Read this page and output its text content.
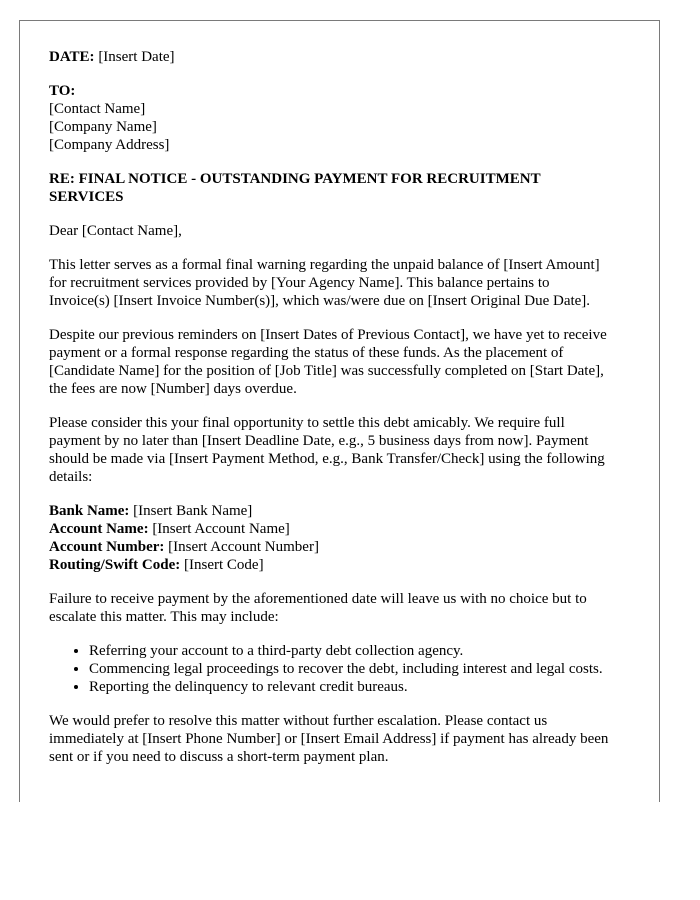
DATE: [Insert Date]

TO:
[Contact Name]
[Company Name]
[Company Address]

RE: FINAL NOTICE - OUTSTANDING PAYMENT FOR RECRUITMENT SERVICES

Dear [Contact Name],

This letter serves as a formal final warning regarding the unpaid balance of [Insert Amount] for recruitment services provided by [Your Agency Name]. This balance pertains to Invoice(s) [Insert Invoice Number(s)], which was/were due on [Insert Original Due Date].

Despite our previous reminders on [Insert Dates of Previous Contact], we have yet to receive payment or a formal response regarding the status of these funds. As the placement of [Candidate Name] for the position of [Job Title] was successfully completed on [Start Date], the fees are now [Number] days overdue.

Please consider this your final opportunity to settle this debt amicably. We require full payment by no later than [Insert Deadline Date, e.g., 5 business days from now]. Payment should be made via [Insert Payment Method, e.g., Bank Transfer/Check] using the following details:

Bank Name: [Insert Bank Name]
Account Name: [Insert Account Name]
Account Number: [Insert Account Number]
Routing/Swift Code: [Insert Code]

Failure to receive payment by the aforementioned date will leave us with no choice but to escalate this matter. This may include:

• Referring your account to a third-party debt collection agency.
• Commencing legal proceedings to recover the debt, including interest and legal costs.
• Reporting the delinquency to relevant credit bureaus.

We would prefer to resolve this matter without further escalation. Please contact us immediately at [Insert Phone Number] or [Insert Email Address] if payment has already been sent or if you need to discuss a short-term payment plan.
